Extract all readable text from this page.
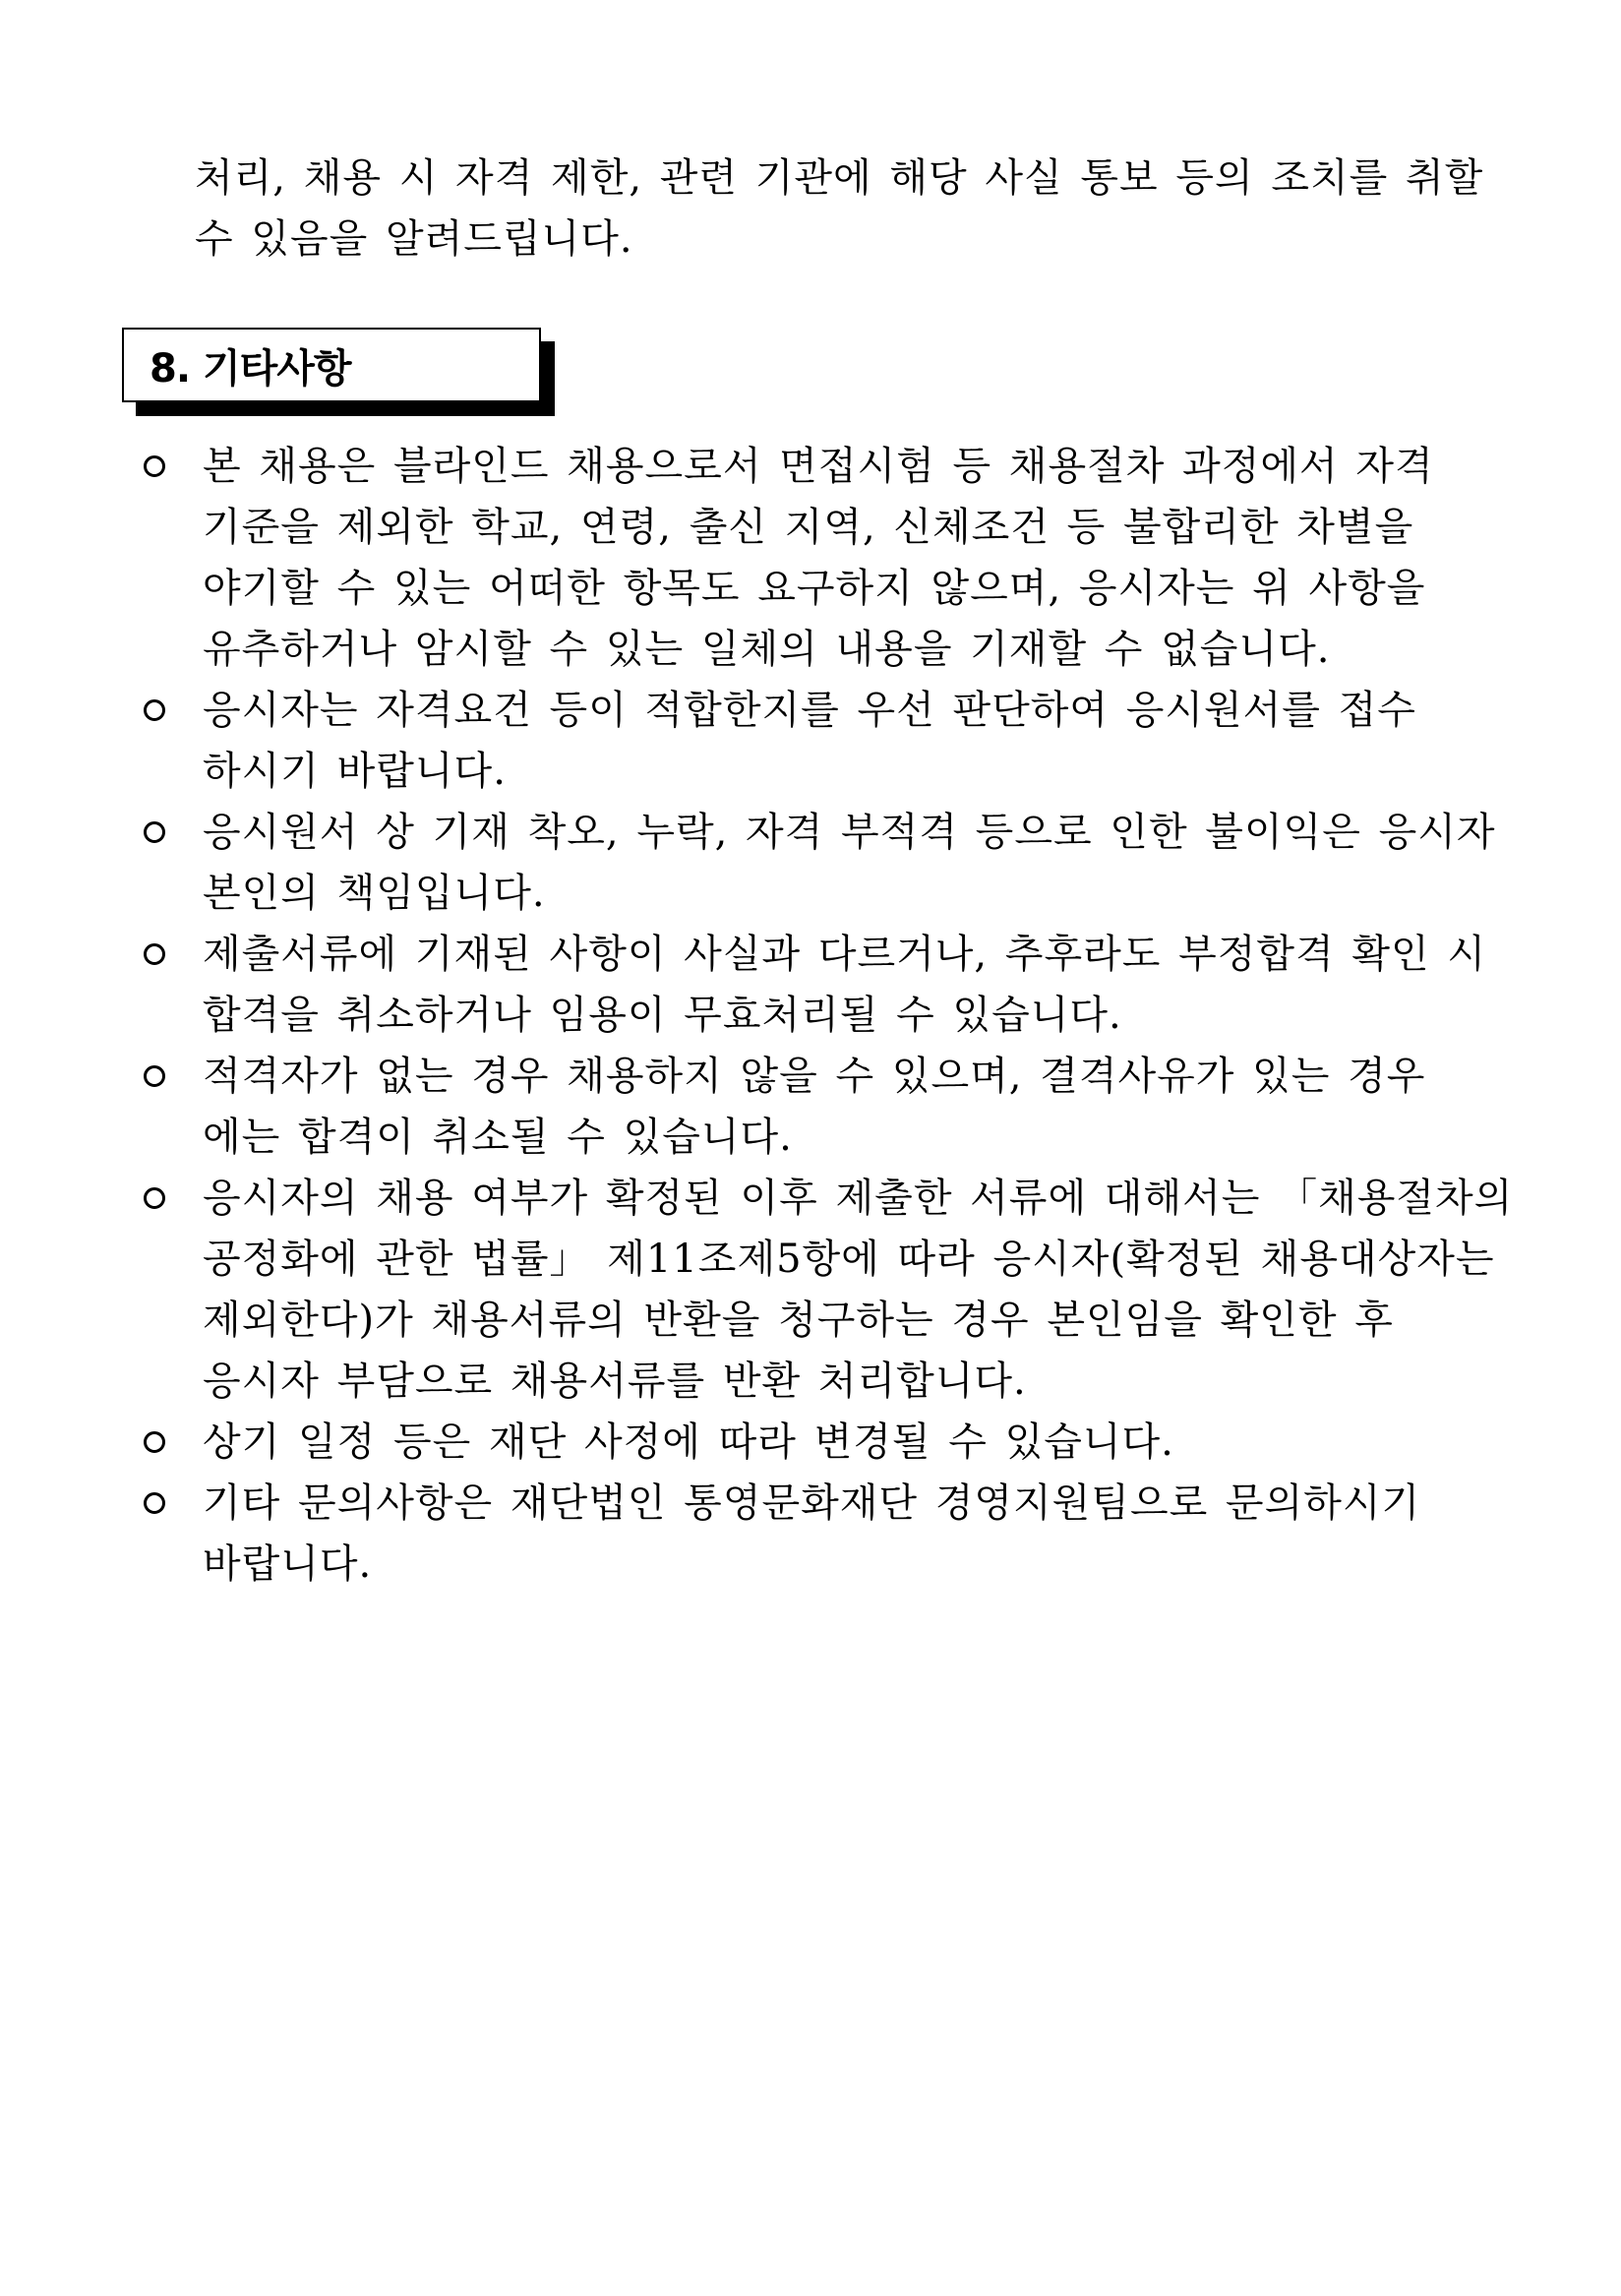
처리, 채용 시 자격 제한, 관련 기관에 해당 사실 통보 등의 조치를 취할
수 있음을 알려드립니다.
8. 기타사항
본 채용은 블라인드 채용으로서 면접시험 등 채용절차 과정에서 자격
기준을 제외한 학교, 연령, 출신 지역, 신체조건 등 불합리한 차별을
야기할 수 있는 어떠한 항목도 요구하지 않으며, 응시자는 위 사항을
유추하거나 암시할 수 있는 일체의 내용을 기재할 수 없습니다.
응시자는 자격요건 등이 적합한지를 우선 판단하여 응시원서를 접수
하시기 바랍니다.
응시원서 상 기재 착오, 누락, 자격 부적격 등으로 인한 불이익은 응시자
본인의 책임입니다.
제출서류에 기재된 사항이 사실과 다르거나, 추후라도 부정합격 확인 시
합격을 취소하거나 임용이 무효처리될 수 있습니다.
적격자가 없는 경우 채용하지 않을 수 있으며, 결격사유가 있는 경우
에는 합격이 취소될 수 있습니다.
응시자의 채용 여부가 확정된 이후 제출한 서류에 대해서는 「채용절차의
공정화에 관한 법률」 제11조제5항에 따라 응시자(확정된 채용대상자는
제외한다)가 채용서류의 반환을 청구하는 경우 본인임을 확인한 후
응시자 부담으로 채용서류를 반환 처리합니다.
상기 일정 등은 재단 사정에 따라 변경될 수 있습니다.
기타 문의사항은 재단법인 통영문화재단 경영지원팀으로 문의하시기
바랍니다.
